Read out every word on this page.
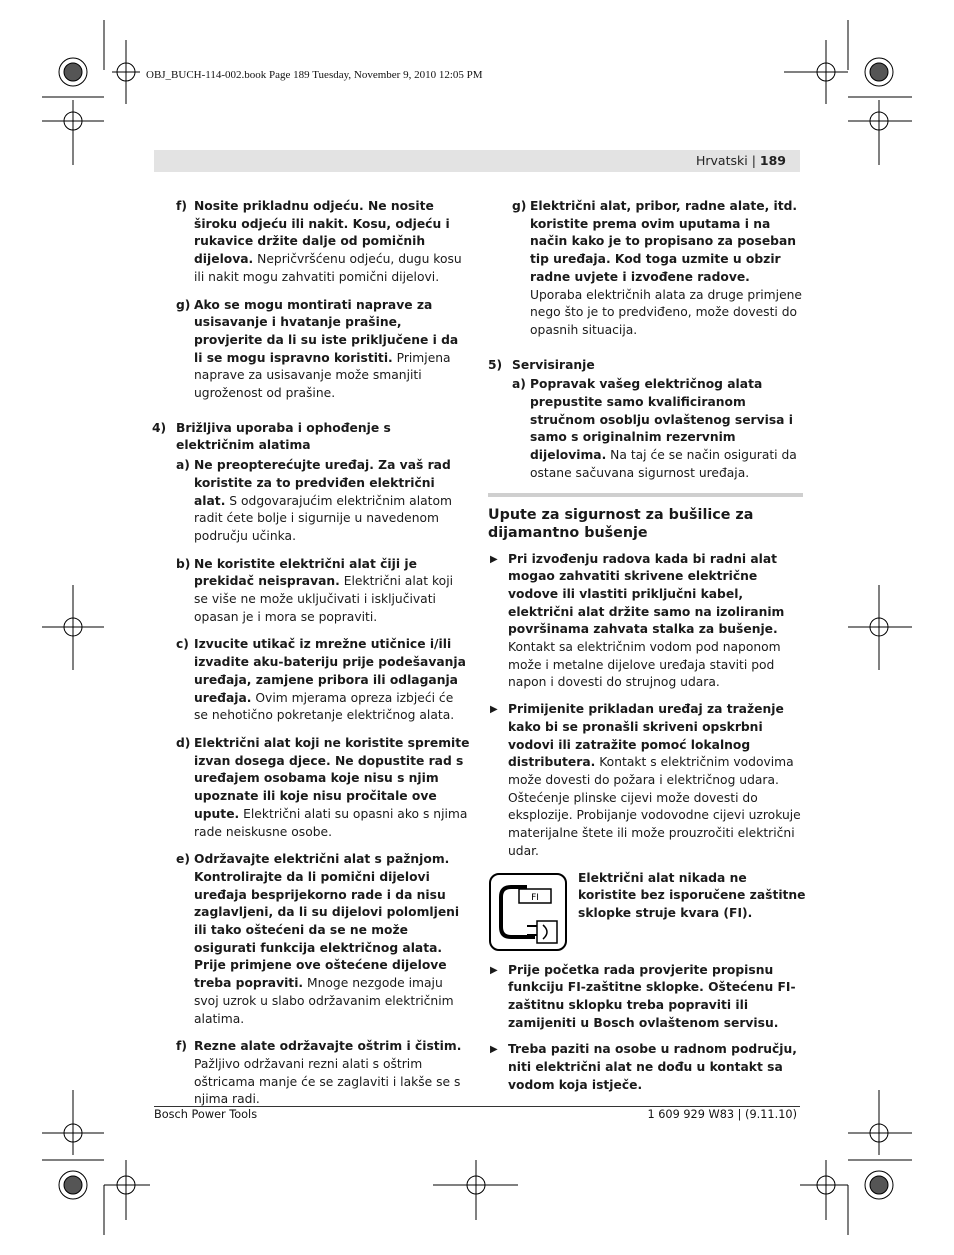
OBJ_BUCH-114-002.book Page 189 Tuesday, November 9, 2010 12:05 PM
Hrvatski | 189
f) Nosite prikladnu odjeću. Ne nosite široku odjeću ili nakit. Kosu, odjeću i rukavice držite dalje od pomičnih dijelova. Nepričvršćenu odjeću, dugu kosu ili nakit mogu zahvatiti pomični dijelovi.
g) Ako se mogu montirati naprave za usisavanje i hvatanje prašine, provjerite da li su iste priključene i da li se mogu ispravno koristiti. Primjena naprave za usisavanje može smanjiti ugroženost od prašine.
4) Brižljiva uporaba i ophođenje s električnim alatima
a) Ne preopterećujte uređaj. Za vaš rad koristite za to predviđen električni alat. S odgovarajućim električnim alatom radit ćete bolje i sigurnije u navedenom području učinka.
b) Ne koristite električni alat čiji je prekidač neispravan. Električni alat koji se više ne može uključivati i isključivati opasan je i mora se popraviti.
c) Izvucite utikač iz mrežne utičnice i/ili izvadite aku-bateriju prije podešavanja uređaja, zamjene pribora ili odlaganja uređaja. Ovim mjerama opreza izbjeći će se nehotično pokretanje električnog alata.
d) Električni alat koji ne koristite spremite izvan dosega djece. Ne dopustite rad s uređajem osobama koje nisu s njim upoznate ili koje nisu pročitale ove upute. Električni alati su opasni ako s njima rade neiskusne osobe.
e) Održavajte električni alat s pažnjom. Kontrolirajte da li pomični dijelovi uređaja besprijekorno rade i da nisu zaglavljeni, da li su dijelovi polomljeni ili tako oštećeni da se ne može osigurati funkcija električnog alata. Prije primjene ove oštećene dijelove treba popraviti. Mnoge nezgode imaju svoj uzrok u slabo održavanim električnim alatima.
f) Rezne alate održavajte oštrim i čistim. Pažljivo održavani rezni alati s oštrim oštricama manje će se zaglaviti i lakše se s njima radi.
g) Električni alat, pribor, radne alate, itd. koristite prema ovim uputama i na način kako je to propisano za poseban tip uređaja. Kod toga uzmite u obzir radne uvjete i izvođene radove. Uporaba električnih alata za druge primjene nego što je to predviđeno, može dovesti do opasnih situacija.
5) Servisiranje
a) Popravak vašeg električnog alata prepustite samo kvalificiranom stručnom osoblju ovlaštenog servisa i samo s originalnim rezervnim dijelovima. Na taj će se način osigurati da ostane sačuvana sigurnost uređaja.
Upute za sigurnost za bušilice za dijamantno bušenje
▶ Pri izvođenju radova kada bi radni alat mogao zahvatiti skrivene električne vodove ili vlastiti priključni kabel, električni alat držite samo na izoliranim površinama zahvata stalka za bušenje. Kontakt sa električnim vodom pod naponom može i metalne dijelove uređaja staviti pod napon i dovesti do strujnog udara.
▶ Primijenite prikladan uređaj za traženje kako bi se pronašli skriveni opskrbni vodovi ili zatražite pomoć lokalnog distributera. Kontakt s električnim vodovima može dovesti do požara i električnog udara. Oštećenje plinske cijevi može dovesti do eksplozije. Probijanje vodovodne cijevi uzrokuje materijalne štete ili može prouzročiti električni udar.
FI
Električni alat nikada ne koristite bez isporučene zaštitne sklopke struje kvara (FI).
▶ Prije početka rada provjerite propisnu funkciju FI-zaštitne sklopke. Oštećenu FI-zaštitnu sklopku treba popraviti ili zamijeniti u Bosch ovlaštenom servisu.
▶ Treba paziti na osobe u radnom području, niti električni alat ne dođu u kontakt sa vodom koja istječe.
Bosch Power Tools	1 609 929 W83 | (9.11.10)
